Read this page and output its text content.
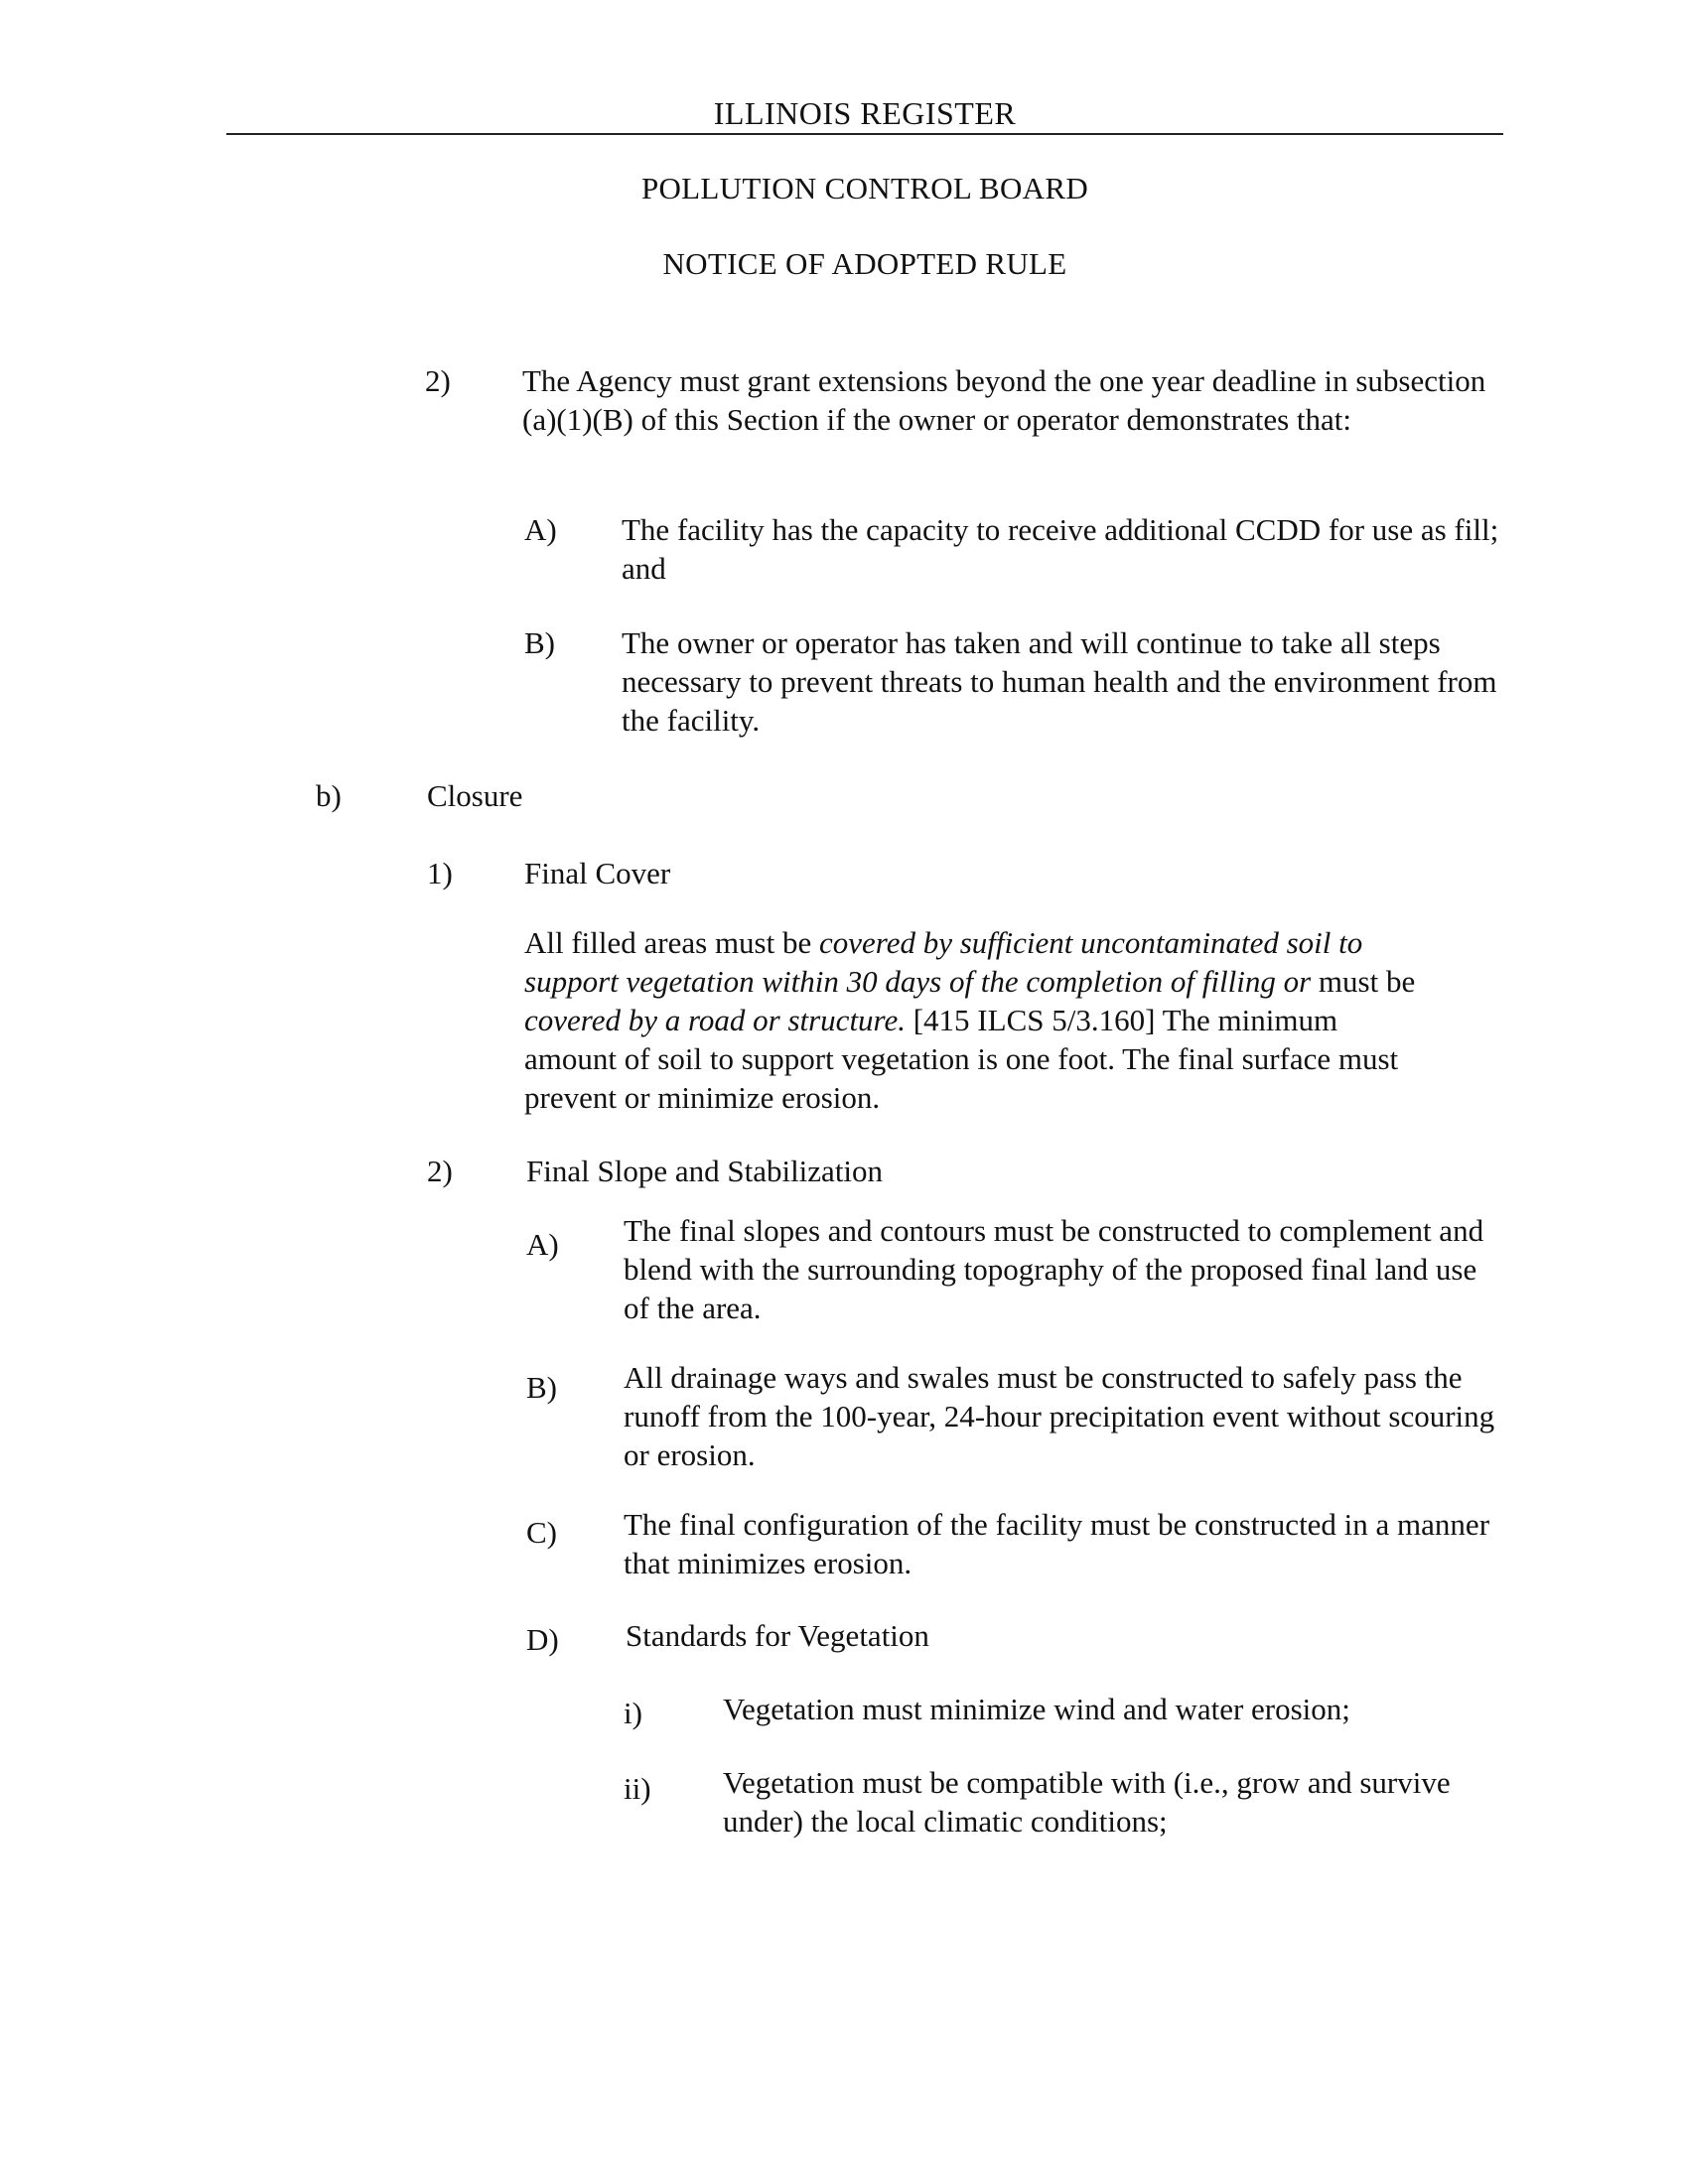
ILLINOIS REGISTER
POLLUTION CONTROL BOARD
NOTICE OF ADOPTED RULE
2) The Agency must grant extensions beyond the one year deadline in subsection (a)(1)(B) of this Section if the owner or operator demonstrates that:
A) The facility has the capacity to receive additional CCDD for use as fill; and
B) The owner or operator has taken and will continue to take all steps necessary to prevent threats to human health and the environment from the facility.
b)	Closure
1) Final Cover
All filled areas must be covered by sufficient uncontaminated soil to support vegetation within 30 days of the completion of filling or must be covered by a road or structure. [415 ILCS 5/3.160] The minimum amount of soil to support vegetation is one foot. The final surface must prevent or minimize erosion.
2) Final Slope and Stabilization
A) The final slopes and contours must be constructed to complement and blend with the surrounding topography of the proposed final land use of the area.
B) All drainage ways and swales must be constructed to safely pass the runoff from the 100-year, 24-hour precipitation event without scouring or erosion.
C) The final configuration of the facility must be constructed in a manner that minimizes erosion.
D) Standards for Vegetation
i)	Vegetation must minimize wind and water erosion;
ii) Vegetation must be compatible with (i.e., grow and survive under) the local climatic conditions;
